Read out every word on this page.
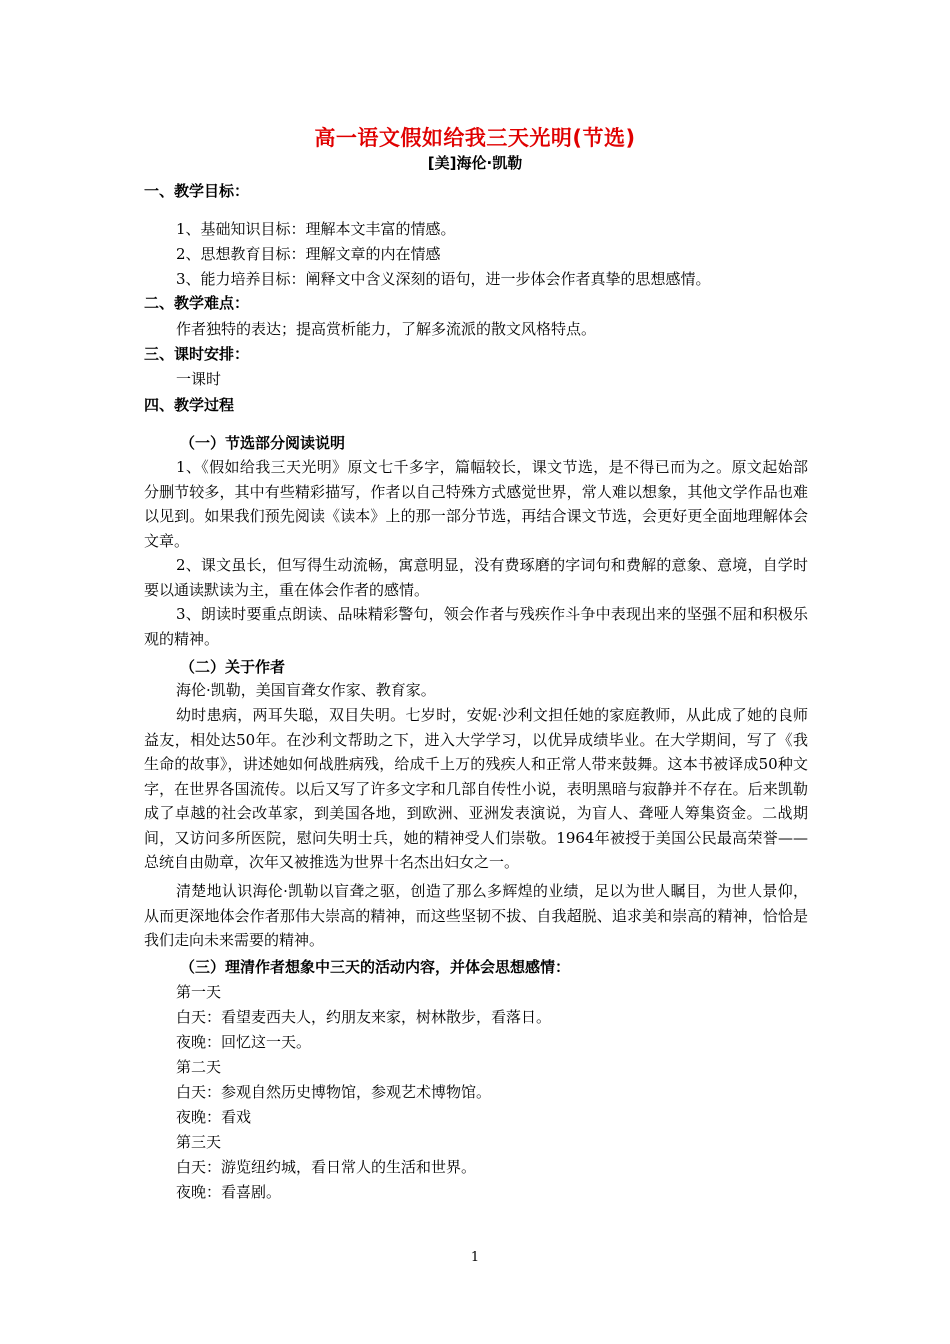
高一语文假如给我三天光明(节选)
[美]海伦·凯勒
一、教学目标：
1、基础知识目标：理解本文丰富的情感。
2、思想教育目标：理解文章的内在情感
3、能力培养目标：阐释文中含义深刻的语句，进一步体会作者真挚的思想感情。
二、教学难点：
作者独特的表达；提高赏析能力，了解多流派的散文风格特点。
三、课时安排：
一课时
四、教学过程
（一）节选部分阅读说明
1、《假如给我三天光明》原文七千多字，篇幅较长，课文节选，是不得已而为之。原文起始部分删节较多，其中有些精彩描写，作者以自己特殊方式感觉世界，常人难以想象，其他文学作品也难以见到。如果我们预先阅读《读本》上的那一部分节选，再结合课文节选，会更好更全面地理解体会文章。
2、课文虽长，但写得生动流畅，寓意明显，没有费琢磨的字词句和费解的意象、意境，自学时要以通读默读为主，重在体会作者的感情。
3、朗读时要重点朗读、品味精彩警句，领会作者与残疾作斗争中表现出来的坚强不屈和积极乐观的精神。
（二）关于作者
海伦·凯勒，美国盲聋女作家、教育家。
幼时患病，两耳失聪，双目失明。七岁时，安妮·沙利文担任她的家庭教师，从此成了她的良师益友，相处达50年。在沙利文帮助之下，进入大学学习，以优异成绩毕业。在大学期间，写了《我生命的故事》，讲述她如何战胜病残，给成千上万的残疾人和正常人带来鼓舞。这本书被译成50种文字，在世界各国流传。以后又写了许多文字和几部自传性小说，表明黑暗与寂静并不存在。后来凯勒成了卓越的社会改革家，到美国各地，到欧洲、亚洲发表演说，为盲人、聋哑人筹集资金。二战期间，又访问多所医院，慰问失明士兵，她的精神受人们崇敬。1964年被授于美国公民最高荣誉——总统自由勋章，次年又被推选为世界十名杰出妇女之一。
清楚地认识海伦·凯勒以盲聋之驱，创造了那么多辉煌的业绩，足以为世人瞩目，为世人景仰，从而更深地体会作者那伟大崇高的精神，而这些坚韧不拔、自我超脱、追求美和崇高的精神，恰恰是我们走向未来需要的精神。
（三）理清作者想象中三天的活动内容，并体会思想感情：
第一天
白天：看望麦西夫人，约朋友来家，树林散步，看落日。
夜晚：回忆这一天。
第二天
白天：参观自然历史博物馆，参观艺术博物馆。
夜晚：看戏
第三天
白天：游览纽约城，看日常人的生活和世界。
夜晚：看喜剧。
1
